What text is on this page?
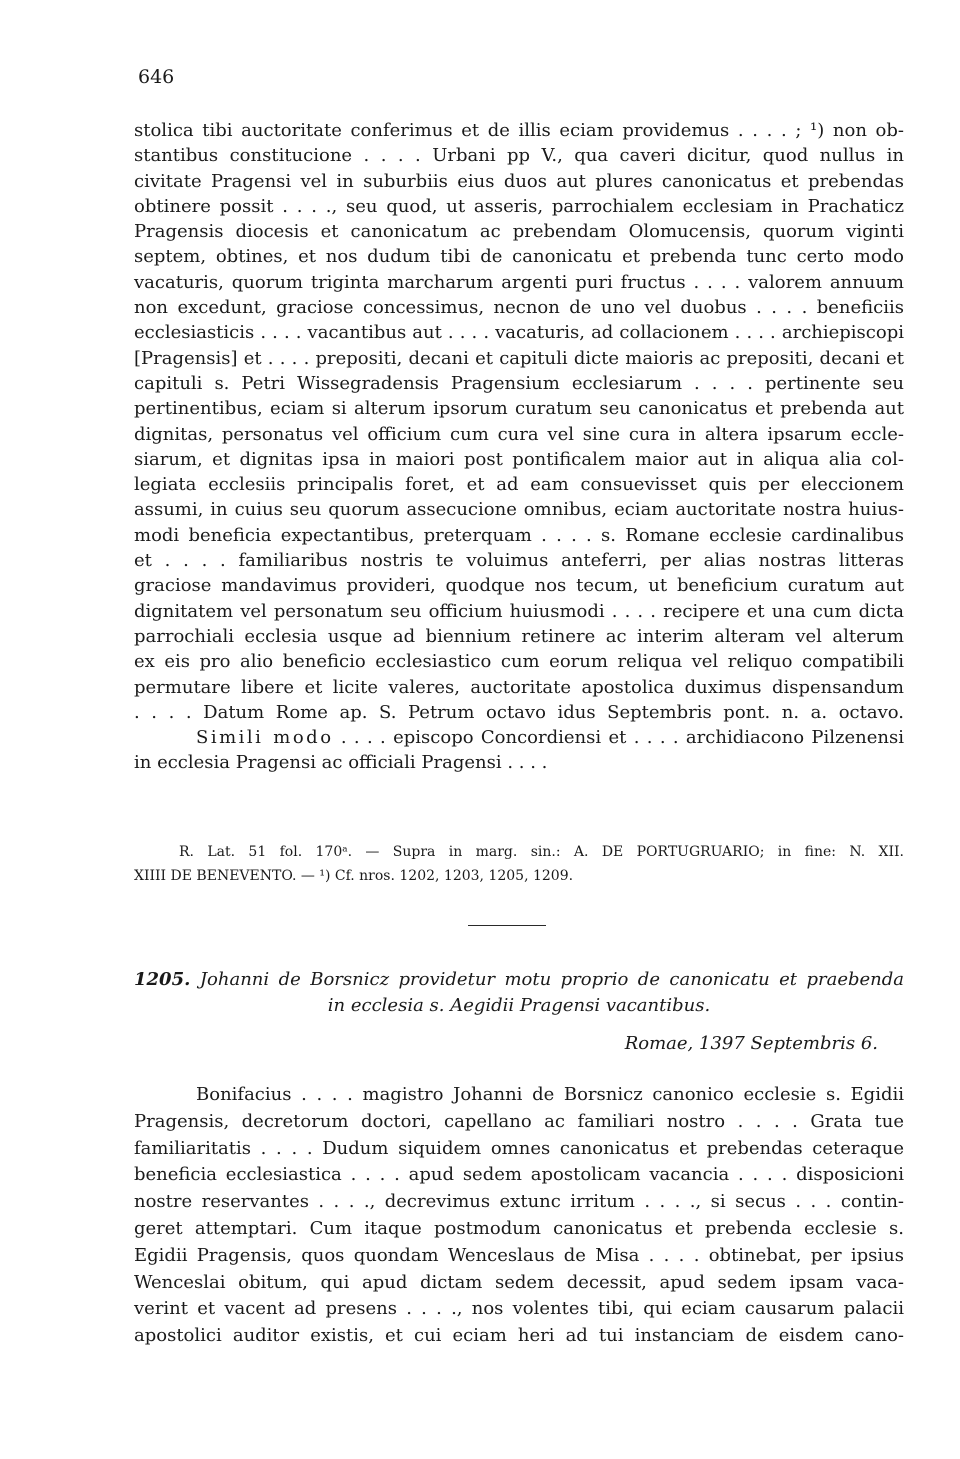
646
stolica tibi auctoritate conferimus et de illis eciam providemus . . . . ; ¹) non ob-
stantibus constitucione . . . . Urbani pp V., qua caveri dicitur, quod nullus in
civitate Pragensi vel in suburbiis eius duos aut plures canonicatus et prebendas
obtinere possit . . . ., seu quod, ut asseris, parrochialem ecclesiam in Prachaticz
Pragensis diocesis et canonicatum ac prebendam Olomucensis, quorum viginti
septem, obtines, et nos dudum tibi de canonicatu et prebenda tunc certo modo
vacaturis, quorum triginta marcharum argenti puri fructus . . . . valorem annuum
non excedunt, graciose concessimus, necnon de uno vel duobus . . . . beneficiis
ecclesiasticis . . . . vacantibus aut . . . . vacaturis, ad collacionem . . . . archiepiscopi
[Pragensis] et . . . . prepositi, decani et capituli dicte maioris ac prepositi, decani et
capituli s. Petri Wissegradensis Pragensium ecclesiarum . . . . pertinente seu
pertinentibus, eciam si alterum ipsorum curatum seu canonicatus et prebenda aut
dignitas, personatus vel officium cum cura vel sine cura in altera ipsarum eccle-
siarum, et dignitas ipsa in maiori post pontificalem maior aut in aliqua alia col-
legiata ecclesiis principalis foret, et ad eam consuevisset quis per eleccionem
assumi, in cuius seu quorum assecucione omnibus, eciam auctoritate nostra huius-
modi beneficia expectantibus, preterquam . . . . s. Romane ecclesie cardinalibus
et . . . . familiaribus nostris te voluimus anteferri, per alias nostras litteras
graciose mandavimus provideri, quodque nos tecum, ut beneficium curatum aut
dignitatem vel personatum seu officium huiusmodi . . . . recipere et una cum dicta
parrochiali ecclesia usque ad biennium retinere ac interim alteram vel alterum
ex eis pro alio beneficio ecclesiastico cum eorum reliqua vel reliquo compatibili
permutare libere et licite valeres, auctoritate apostolica duximus dispensandum
. . . . Datum Rome ap. S. Petrum octavo idus Septembris pont. n. a. octavo.
Simili modo . . . . episcopo Concordiensi et . . . . archidiacono Pilzenensi
in ecclesia Pragensi ac officiali Pragensi . . . .
R. Lat. 51 fol. 170ᵃ. — Supra in marg. sin.: A. DE PORTUGRUARIO; in fine: N. XII.
XIIII DE BENEVENTO. — ¹) Cf. nros. 1202, 1203, 1205, 1209.
1205. Johanni de Borsnicz providetur motu proprio de canonicatu et praebenda
in ecclesia s. Aegidii Pragensi vacantibus.
Romae, 1397 Septembris 6.
Bonifacius . . . . magistro Johanni de Borsnicz canonico ecclesie s. Egidii
Pragensis, decretorum doctori, capellano ac familiari nostro . . . . Grata tue
familiaritatis . . . . Dudum siquidem omnes canonicatus et prebendas ceteraque
beneficia ecclesiastica . . . . apud sedem apostolicam vacancia . . . . disposicioni
nostre reservantes . . . ., decrevimus extunc irritum . . . ., si secus . . . contin-
geret attemptari. Cum itaque postmodum canonicatus et prebenda ecclesie s.
Egidii Pragensis, quos quondam Wenceslaus de Misa . . . . obtinebat, per ipsius
Wenceslai obitum, qui apud dictam sedem decessit, apud sedem ipsam vaca-
verint et vacent ad presens . . . ., nos volentes tibi, qui eciam causarum palacii
apostolici auditor existis, et cui eciam heri ad tui instanciam de eisdem cano-
